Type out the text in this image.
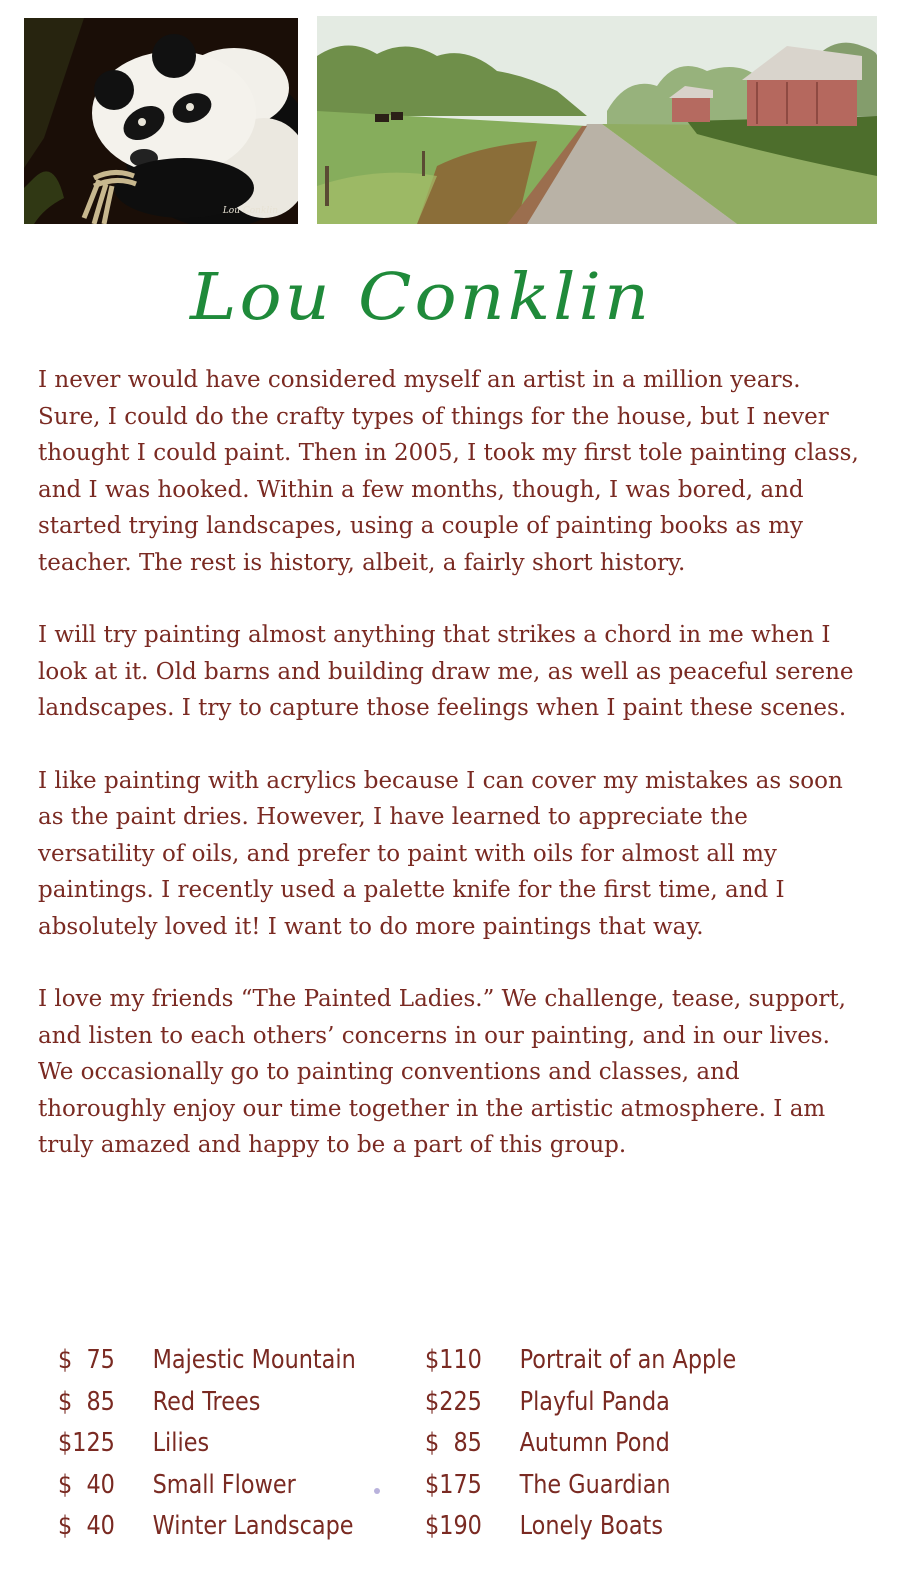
Lou Conklin
Lou Conklin

I never would have considered myself an artist in a million years. Sure, I could do the crafty types of things for the house, but I never thought I could paint. Then in 2005, I took my first tole painting class, and I was hooked. Within a few months, though, I was bored, and started trying landscapes, using a couple of painting books as my teacher. The rest is history, albeit, a fairly short history.

I will try painting almost anything that strikes a chord in me when I look at it. Old barns and building draw me, as well as peaceful serene landscapes. I try to capture those feelings when I paint these scenes.

I like painting with acrylics because I can cover my mistakes as soon as the paint dries. However, I have learned to appreciate the versatility of oils, and prefer to paint with oils for almost all my paintings. I recently used a palette knife for the first time, and I absolutely loved it! I want to do more paintings that way.

I love my friends “The Painted Ladies.” We challenge, tease, support, and listen to each others’ concerns in our painting, and in our lives. We occasionally go to painting conventions and classes, and thoroughly enjoy our time together in the artistic atmosphere. I am truly amazed and happy to be a part of this group.

$  75	Majestic Mountain
$  85	Red Trees
$125	Lilies
$  40	Small Flower
$  40	Winter Landscape
$110	Portrait of an Apple
$225	Playful Panda
$  85	Autumn Pond
$175	The Guardian
$190	Lonely Boats
